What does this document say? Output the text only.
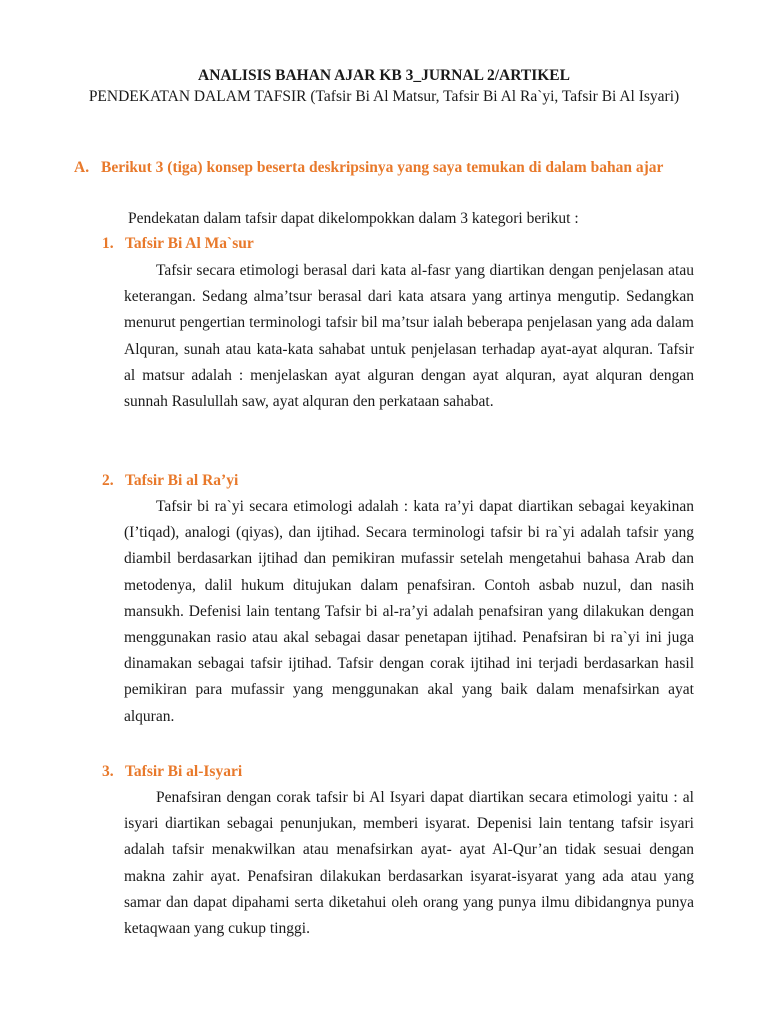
ANALISIS BAHAN AJAR KB 3_JURNAL 2/ARTIKEL

PENDEKATAN DALAM TAFSIR (Tafsir Bi Al Matsur, Tafsir Bi Al Ra`yi, Tafsir Bi Al Isyari)

A. Berikut 3 (tiga) konsep beserta deskripsinya yang saya temukan di dalam bahan ajar

Pendekatan dalam tafsir dapat dikelompokkan dalam 3 kategori berikut :

1. Tafsir Bi Al Ma`sur

Tafsir secara etimologi berasal dari kata al-fasr yang diartikan dengan penjelasan atau keterangan. Sedang alma’tsur berasal dari kata atsara yang artinya mengutip. Sedangkan menurut pengertian terminologi tafsir bil ma’tsur ialah beberapa penjelasan yang ada dalam Alquran, sunah atau kata-kata sahabat untuk penjelasan terhadap ayat-ayat alquran. Tafsir al matsur adalah : menjelaskan ayat alguran dengan ayat alquran, ayat alquran dengan sunnah Rasulullah saw, ayat alquran den perkataan sahabat.

2. Tafsir Bi al Ra’yi

Tafsir bi ra`yi secara etimologi adalah : kata ra’yi dapat diartikan sebagai keyakinan (I’tiqad), analogi (qiyas), dan ijtihad. Secara terminologi tafsir bi ra`yi adalah tafsir yang diambil berdasarkan ijtihad dan pemikiran mufassir setelah mengetahui bahasa Arab dan metodenya, dalil hukum ditujukan dalam penafsiran. Contoh asbab nuzul, dan nasih mansukh. Defenisi lain tentang Tafsir bi al-ra’yi adalah penafsiran yang dilakukan dengan menggunakan rasio atau akal sebagai dasar penetapan ijtihad. Penafsiran bi ra`yi ini juga dinamakan sebagai tafsir ijtihad. Tafsir dengan corak ijtihad ini terjadi berdasarkan hasil pemikiran para mufassir yang menggunakan akal yang baik dalam menafsirkan ayat alquran.

3. Tafsir Bi al-Isyari

Penafsiran dengan corak tafsir bi Al Isyari dapat diartikan secara etimologi yaitu : al isyari diartikan sebagai penunjukan, memberi isyarat. Depenisi lain tentang tafsir isyari adalah tafsir menakwilkan atau menafsirkan ayat- ayat Al-Qur’an tidak sesuai dengan makna zahir ayat. Penafsiran dilakukan berdasarkan isyarat-isyarat yang ada atau yang samar dan dapat dipahami serta diketahui oleh orang yang punya ilmu dibidangnya punya ketaqwaan yang cukup tinggi.
